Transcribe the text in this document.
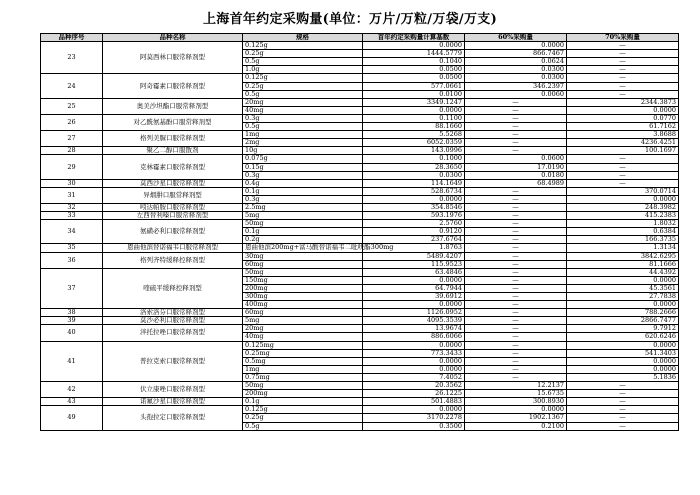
上海首年约定采购量(单位：万片/万粒/万袋/万支)
品种序号	品种名称	规格	首年约定采购量计算基数	60%采购量	70%采购量
23	阿莫西林口服常释剂型	0.125g	0.0000	0.0000	—
		0.25g	1444.5779	866.7467	—
		0.5g	0.1040	0.0624	—
		1.0g	0.0500	0.0300	—
24	阿奇霉素口服常释剂型	0.125g	0.0500	0.0300	—
		0.25g	577.0661	346.2397	—
		0.5g	0.0100	0.0060	—
25	奥美沙坦酯口服常释剂型	20mg	3349.1247	—	2344.3873
		40mg	0.0000	—	0.0000
26	对乙酰氨基酚口服常释剂型	0.3g	0.1100	—	0.0770
		0.5g	88.1660	—	61.7162
27	格列美脲口服常释剂型	1mg	5.5268	—	3.8688
		2mg	6052.0359	—	4236.4251
28	聚乙二醇口服散剂	10g	143.0996	—	100.1697
29	克林霉素口服常释剂型	0.075g	0.1000	0.0600	—
		0.15g	28.3650	17.0190	—
		0.3g	0.0300	0.0180	—
30	莫西沙星口服常释剂型	0.4g	114.1649	68.4989	—
31	异烟肼口服常释剂型	0.1g	528.6734	—	370.0714
		0.3g	0.0000	—	0.0000
32	吲达帕胺口服常释剂型	2.5mg	354.8546	—	248.3982
33	左西替利嗪口服常释剂型	5mg	593.1976	—	415.2383
34	氨磺必利口服常释剂型	50mg	2.5760	—	1.8032
		0.1g	0.9120	—	0.6384
		0.2g	237.6764	—	166.3735
35	恩曲他滨替诺福韦口服常释剂型	恩曲他滨200mg+富马酸替诺福韦二吡呋酯300mg	1.8763	—	1.3134
36	格列齐特缓释控释剂型	30mg	5489.4207	—	3842.6295
		60mg	115.9523	—	81.1666
37	喹硫平缓释控释剂型	50mg	63.4846	—	44.4392
		150mg	0.0000	—	0.0000
		200mg	64.7944	—	45.3561
		300mg	39.6912	—	27.7838
		400mg	0.0000	—	0.0000
38	洛索洛芬口服常释剂型	60mg	1126.0952	—	788.2666
39	莫沙必利口服常释剂型	5mg	4095.3539	—	2866.7477
40	泮托拉唑口服常释剂型	20mg	13.9674	—	9.7912
		40mg	886.6066	—	620.6246
41	普拉克索口服常释剂型	0.125mg	0.0000	—	0.0000
		0.25mg	773.3433	—	541.3403
		0.5mg	0.0000	—	0.0000
		1mg	0.0000	—	0.0000
		0.75mg	7.4052	—	5.1836
42	伏立康唑口服常释剂型	50mg	20.3562	12.2137	—
		200mg	26.1225	15.6735	—
43	诺氟沙星口服常释剂型	0.1g	501.4883	300.8930	—
49	头孢拉定口服常释剂型	0.125g	0.0000	0.0000	—
		0.25g	3170.2278	1902.1367	—
		0.5g	0.3500	0.2100	—
